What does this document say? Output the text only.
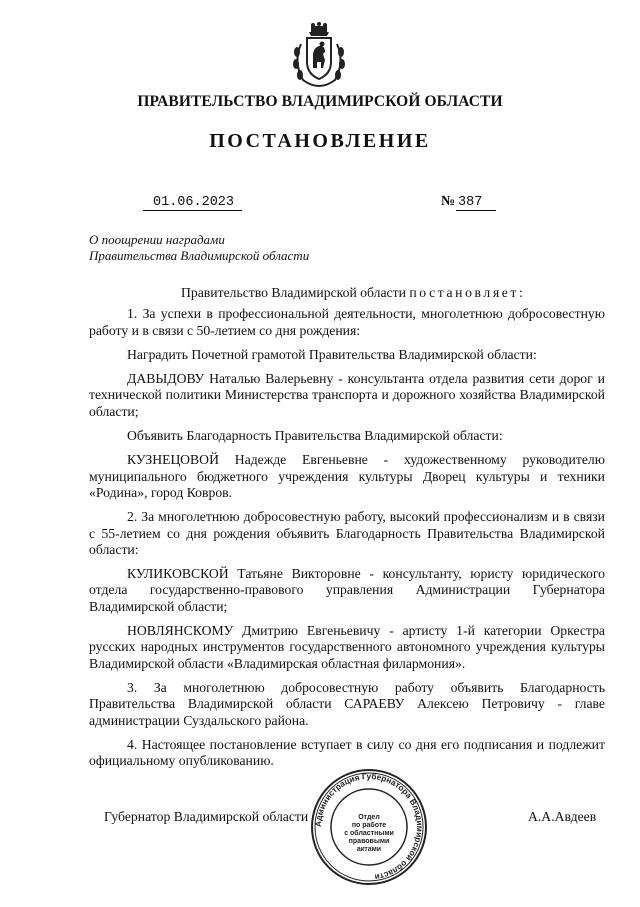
ПРАВИТЕЛЬСТВО ВЛАДИМИРСКОЙ ОБЛАСТИ
ПОСТАНОВЛЕНИЕ
01.06.2023	№ 387
О поощрении наградами
Правительства Владимирской области

Правительство Владимирской области постановляет:

1. За успехи в профессиональной деятельности, многолетнюю добросовестную работу и в связи с 50-летием со дня рождения:

Наградить Почетной грамотой Правительства Владимирской области:

ДАВЫДОВУ Наталью Валерьевну - консультанта отдела развития сети дорог и технической политики Министерства транспорта и дорожного хозяйства Владимирской области;

Объявить Благодарность Правительства Владимирской области:

КУЗНЕЦОВОЙ Надежде Евгеньевне - художественному руководителю муниципального бюджетного учреждения культуры Дворец культуры и техники «Родина», город Ковров.

2. За многолетнюю добросовестную работу, высокий профессионализм и в связи с 55-летием со дня рождения объявить Благодарность Правительства Владимирской области:

КУЛИКОВСКОЙ Татьяне Викторовне - консультанту, юристу юридического отдела государственно-правового управления Администрации Губернатора Владимирской области;

НОВЛЯНСКОМУ Дмитрию Евгеньевичу - артисту 1-й категории Оркестра русских народных инструментов государственного автономного учреждения культуры Владимирской области «Владимирская областная филармония».

3. За многолетнюю добросовестную работу объявить Благодарность Правительства Владимирской области САРАЕВУ Алексею Петровичу - главе администрации Суздальского района.

4. Настоящее постановление вступает в силу со дня его подписания и подлежит официальному опубликованию.

Губернатор Владимирской области	А.А.Авдеев
Администрация Губернатора Владимирской области
Отдел
по работе
с областными
правовыми
актами
